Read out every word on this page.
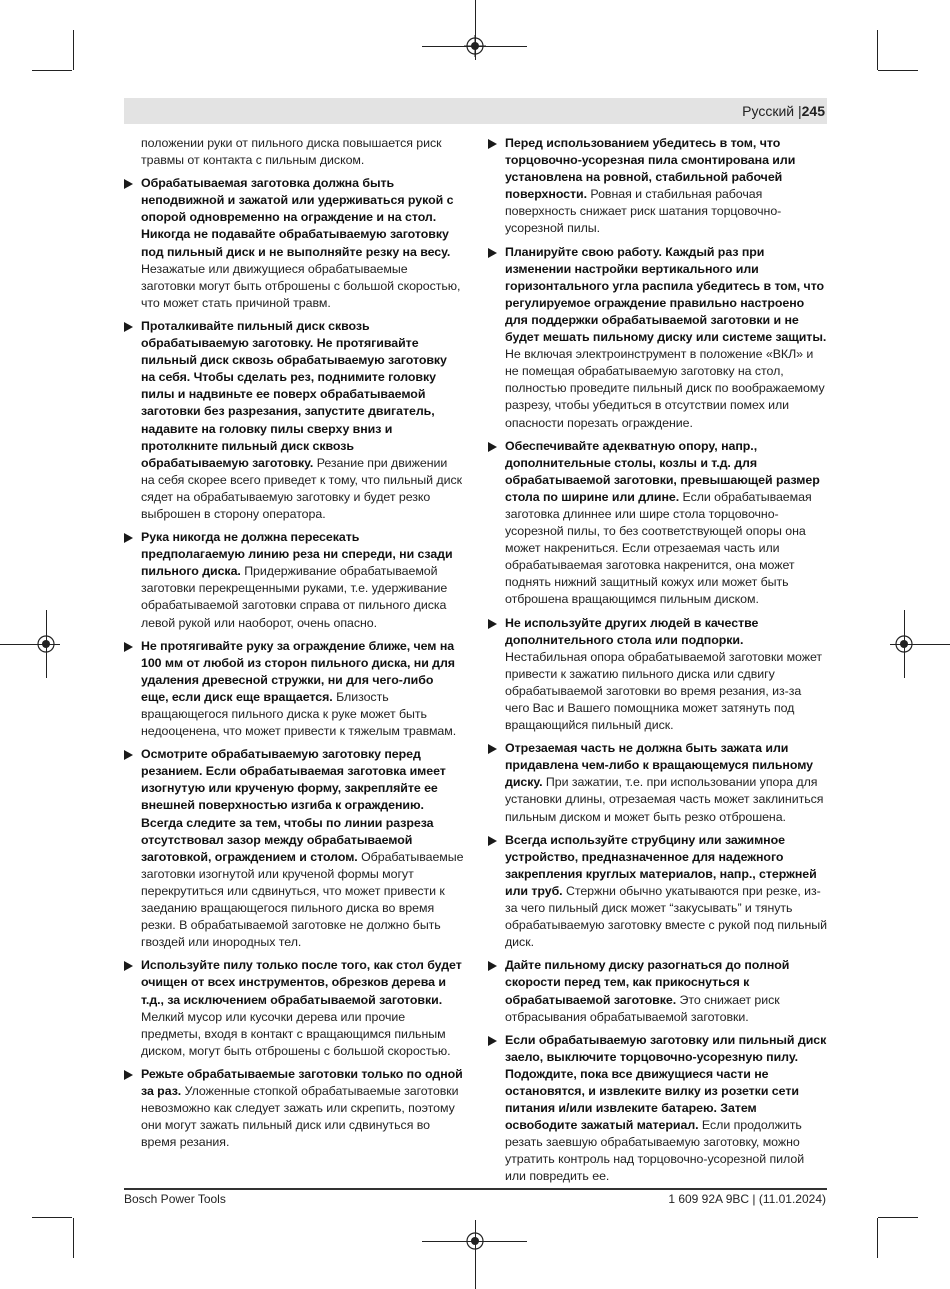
Русский |245
положении руки от пильного диска повышается риск травмы от контакта с пильным диском.
Обрабатываемая заготовка должна быть неподвижной и зажатой или удерживаться рукой с опорой одновременно на ограждение и на стол. Никогда не подавайте обрабатываемую заготовку под пильный диск и не выполняйте резку на весу. Незажатые или движущиеся обрабатываемые заготовки могут быть отброшены с большой скоростью, что может стать причиной травм.
Проталкивайте пильный диск сквозь обрабатываемую заготовку. Не протягивайте пильный диск сквозь обрабатываемую заготовку на себя. Чтобы сделать рез, поднимите головку пилы и надвиньте ее поверх обрабатываемой заготовки без разрезания, запустите двигатель, надавите на головку пилы сверху вниз и протолкните пильный диск сквозь обрабатываемую заготовку. Резание при движении на себя скорее всего приведет к тому, что пильный диск сядет на обрабатываемую заготовку и будет резко выброшен в сторону оператора.
Рука никогда не должна пересекать предполагаемую линию реза ни спереди, ни сзади пильного диска. Придерживание обрабатываемой заготовки перекрещенными руками, т.е. удерживание обрабатываемой заготовки справа от пильного диска левой рукой или наоборот, очень опасно.
Не протягивайте руку за ограждение ближе, чем на 100 мм от любой из сторон пильного диска, ни для удаления древесной стружки, ни для чего-либо еще, если диск еще вращается. Близость вращающегося пильного диска к руке может быть недооценена, что может привести к тяжелым травмам.
Осмотрите обрабатываемую заготовку перед резанием. Если обрабатываемая заготовка имеет изогнутую или крученую форму, закрепляйте ее внешней поверхностью изгиба к ограждению. Всегда следите за тем, чтобы по линии разреза отсутствовал зазор между обрабатываемой заготовкой, ограждением и столом. Обрабатываемые заготовки изогнутой или крученой формы могут перекрутиться или сдвинуться, что может привести к заеданию вращающегося пильного диска во время резки. В обрабатываемой заготовке не должно быть гвоздей или инородных тел.
Используйте пилу только после того, как стол будет очищен от всех инструментов, обрезков дерева и т.д., за исключением обрабатываемой заготовки. Мелкий мусор или кусочки дерева или прочие предметы, входя в контакт с вращающимся пильным диском, могут быть отброшены с большой скоростью.
Режьте обрабатываемые заготовки только по одной за раз. Уложенные стопкой обрабатываемые заготовки невозможно как следует зажать или скрепить, поэтому они могут зажать пильный диск или сдвинуться во время резания.
Перед использованием убедитесь в том, что торцовочно-усорезная пила смонтирована или установлена на ровной, стабильной рабочей поверхности. Ровная и стабильная рабочая поверхность снижает риск шатания торцовочно-усорезной пилы.
Планируйте свою работу. Каждый раз при изменении настройки вертикального или горизонтального угла распила убедитесь в том, что регулируемое ограждение правильно настроено для поддержки обрабатываемой заготовки и не будет мешать пильному диску или системе защиты. Не включая электроинструмент в положение «ВКЛ» и не помещая обрабатываемую заготовку на стол, полностью проведите пильный диск по воображаемому разрезу, чтобы убедиться в отсутствии помех или опасности порезать ограждение.
Обеспечивайте адекватную опору, напр., дополнительные столы, козлы и т.д. для обрабатываемой заготовки, превышающей размер стола по ширине или длине. Если обрабатываемая заготовка длиннее или шире стола торцовочно-усорезной пилы, то без соответствующей опоры она может накрениться. Если отрезаемая часть или обрабатываемая заготовка накренится, она может поднять нижний защитный кожух или может быть отброшена вращающимся пильным диском.
Не используйте других людей в качестве дополнительного стола или подпорки. Нестабильная опора обрабатываемой заготовки может привести к зажатию пильного диска или сдвигу обрабатываемой заготовки во время резания, из-за чего Вас и Вашего помощника может затянуть под вращающийся пильный диск.
Отрезаемая часть не должна быть зажата или придавлена чем-либо к вращающемуся пильному диску. При зажатии, т.е. при использовании упора для установки длины, отрезаемая часть может заклиниться пильным диском и может быть резко отброшена.
Всегда используйте струбцину или зажимное устройство, предназначенное для надежного закрепления круглых материалов, напр., стержней или труб. Стержни обычно укатываются при резке, из-за чего пильный диск может “закусывать” и тянуть обрабатываемую заготовку вместе с рукой под пильный диск.
Дайте пильному диску разогнаться до полной скорости перед тем, как прикоснуться к обрабатываемой заготовке. Это снижает риск отбрасывания обрабатываемой заготовки.
Если обрабатываемую заготовку или пильный диск заело, выключите торцовочно-усорезную пилу. Подождите, пока все движущиеся части не остановятся, и извлеките вилку из розетки сети питания и/или извлеките батарею. Затем освободите зажатый материал. Если продолжить резать заевшую обрабатываемую заготовку, можно утратить контроль над торцовочно-усорезной пилой или повредить ее.
Bosch Power Tools	1 609 92A 9BC | (11.01.2024)
